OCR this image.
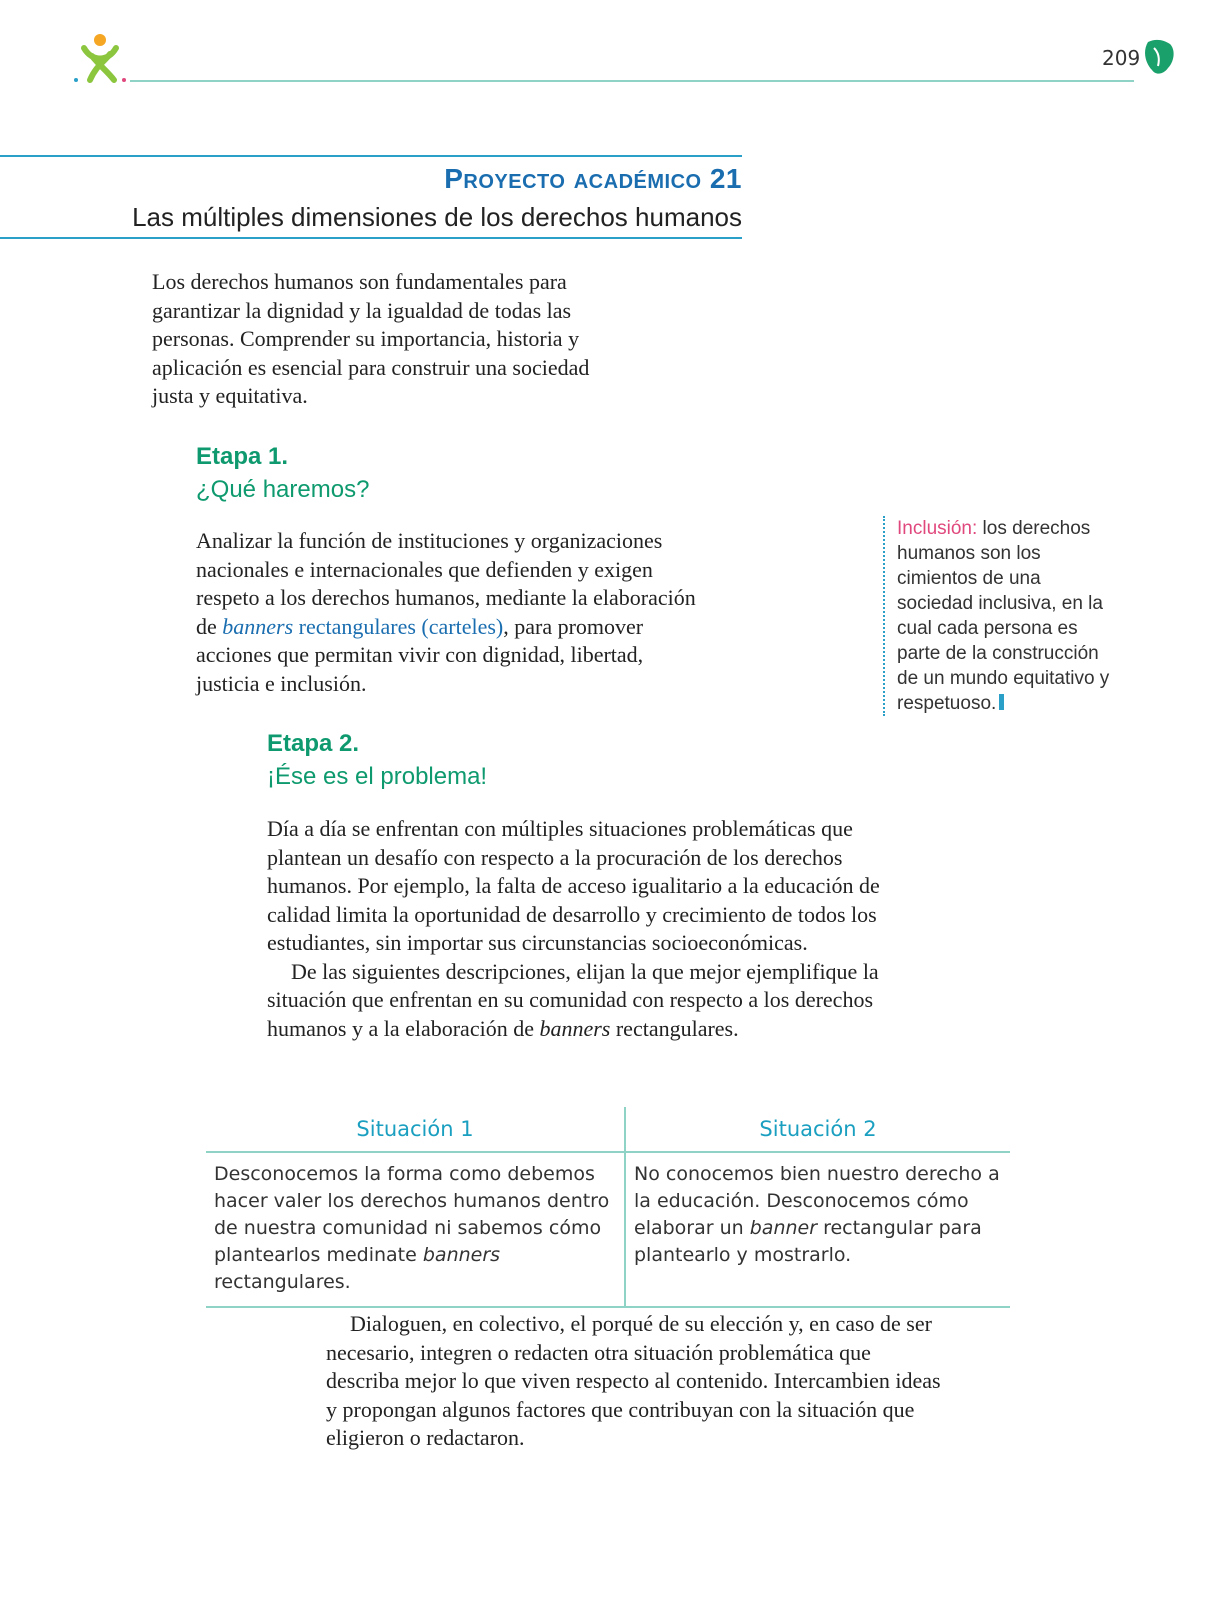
209
Proyecto académico 21
Las múltiples dimensiones de los derechos humanos

Los derechos humanos son fundamentales para garantizar la dignidad y la igualdad de todas las personas. Comprender su importancia, historia y aplicación es esencial para construir una sociedad justa y equitativa.

Etapa 1.
¿Qué haremos?

Analizar la función de instituciones y organizaciones nacionales e internacionales que defienden y exigen respeto a los derechos humanos, mediante la elaboración de banners rectangulares (carteles), para promover acciones que permitan vivir con dignidad, libertad, justicia e inclusión.

Inclusión: los derechos humanos son los cimientos de una sociedad inclusiva, en la cual cada persona es parte de la construcción de un mundo equitativo y respetuoso.
Etapa 2.
¡Ése es el problema!

Día a día se enfrentan con múltiples situaciones problemáticas que plantean un desafío con respecto a la procuración de los derechos humanos. Por ejemplo, la falta de acceso igualitario a la educación de calidad limita la oportunidad de desarrollo y crecimiento de todos los estudiantes, sin importar sus circunstancias socioeconómicas.

De las siguientes descripciones, elijan la que mejor ejemplifique la situación que enfrentan en su comunidad con respecto a los derechos humanos y a la elaboración de banners rectangulares.

Situación 1	Situación 2
Desconocemos la forma como debemos hacer valer los derechos humanos dentro de nuestra comunidad ni sabemos cómo plantearlos medinate banners rectangulares.	No conocemos bien nuestro derecho a la educación. Desconocemos cómo elaborar un banner rectangular para plantearlo y mostrarlo.

Dialoguen, en colectivo, el porqué de su elección y, en caso de ser necesario, integren o redacten otra situación problemática que describa mejor lo que viven respecto al contenido. Intercambien ideas y propongan algunos factores que contribuyan con la situación que eligieron o redactaron.
